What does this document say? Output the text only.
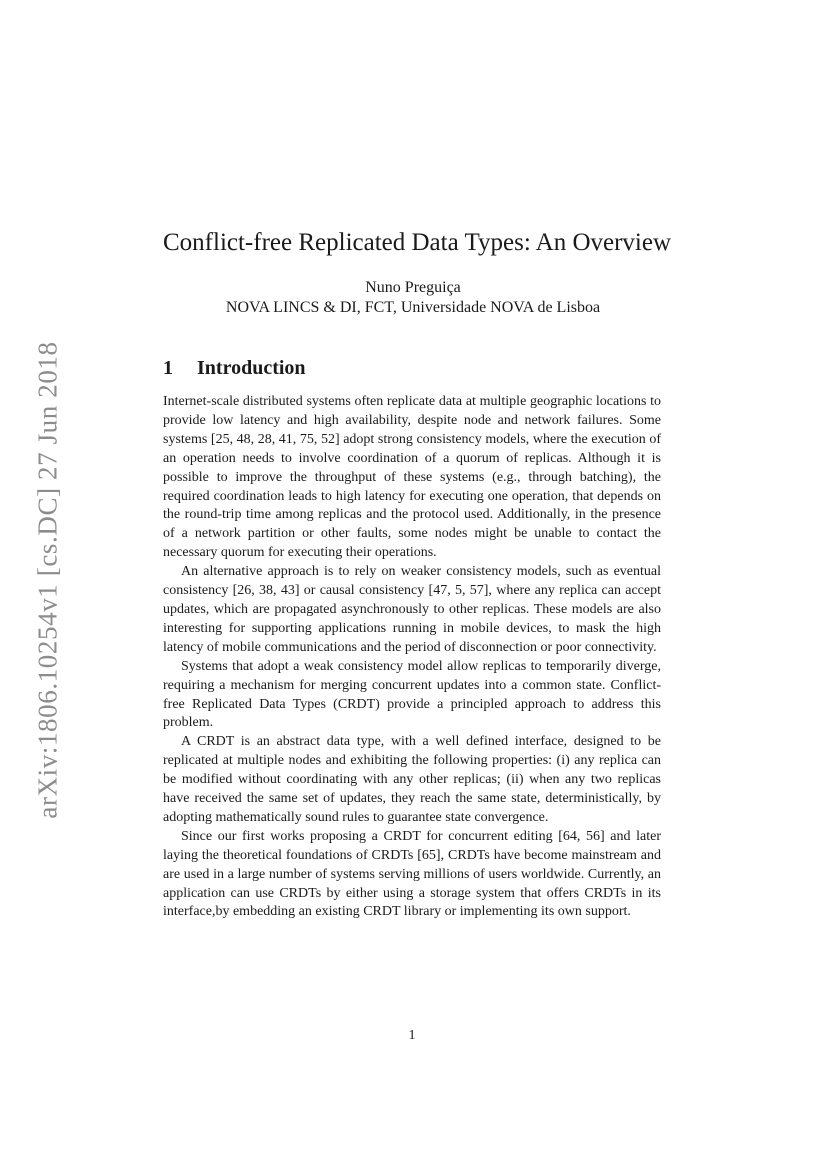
arXiv:1806.10254v1 [cs.DC] 27 Jun 2018
Conflict-free Replicated Data Types: An Overview
Nuno Preguiça
NOVA LINCS & DI, FCT, Universidade NOVA de Lisboa
1 Introduction

Internet-scale distributed systems often replicate data at multiple geographic locations to provide low latency and high availability, despite node and network failures. Some systems [25, 48, 28, 41, 75, 52] adopt strong consistency models, where the execution of an operation needs to involve coordination of a quorum of replicas. Although it is possible to improve the throughput of these systems (e.g., through batching), the required coordination leads to high latency for executing one operation, that depends on the round-trip time among replicas and the protocol used. Additionally, in the presence of a network partition or other faults, some nodes might be unable to contact the necessary quorum for executing their operations.

An alternative approach is to rely on weaker consistency models, such as eventual consistency [26, 38, 43] or causal consistency [47, 5, 57], where any replica can accept updates, which are propagated asynchronously to other replicas. These models are also interesting for supporting applications running in mobile devices, to mask the high latency of mobile communications and the period of disconnection or poor connectivity.

Systems that adopt a weak consistency model allow replicas to temporarily diverge, requiring a mechanism for merging concurrent updates into a common state. Conflict-free Replicated Data Types (CRDT) provide a principled approach to address this problem.

A CRDT is an abstract data type, with a well defined interface, designed to be replicated at multiple nodes and exhibiting the following properties: (i) any replica can be modified without coordinating with any other replicas; (ii) when any two replicas have received the same set of updates, they reach the same state, deterministically, by adopting mathematically sound rules to guarantee state convergence.

Since our first works proposing a CRDT for concurrent editing [64, 56] and later laying the theoretical foundations of CRDTs [65], CRDTs have become mainstream and are used in a large number of systems serving millions of users worldwide. Currently, an application can use CRDTs by either using a storage system that offers CRDTs in its interface,by embedding an existing CRDT library or implementing its own support.

1
